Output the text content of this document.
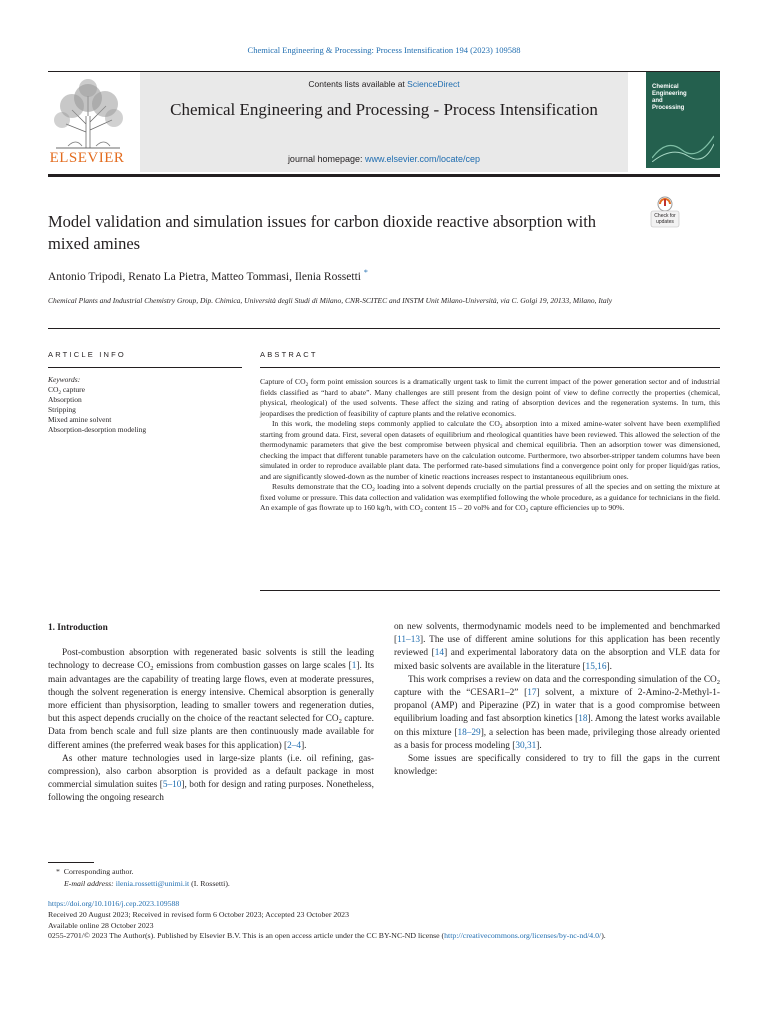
Chemical Engineering & Processing: Process Intensification 194 (2023) 109588
ELSEVIER
Contents lists available at ScienceDirect
Chemical Engineering and Processing - Process Intensification
journal homepage: www.elsevier.com/locate/cep
Chemical
Engineering
and
Processing
Check for updates
Model validation and simulation issues for carbon dioxide reactive absorption with mixed amines
Antonio Tripodi, Renato La Pietra, Matteo Tommasi, Ilenia Rossetti *
Chemical Plants and Industrial Chemistry Group, Dip. Chimica, Università degli Studi di Milano, CNR-SCITEC and INSTM Unit Milano-Università, via C. Golgi 19, 20133, Milano, Italy
ARTICLE INFO
Keywords:
$CO_2$ capture
Absorption
Stripping
Mixed amine solvent
Absorption-desorption modeling
ABSTRACT

Capture of $CO_2$ form point emission sources is a dramatically urgent task to limit the current impact of the power generation sector and of industrial fields classified as “hard to abate”. Many challenges are still present from the design point of view to define correctly the properties (chemical, physical, rheological) of the used solvents. These affect the sizing and rating of absorption devices and the regeneration systems. In turn, this jeopardises the prediction of feasibility of capture plants and the relative economics.

In this work, the modeling steps commonly applied to calculate the $CO_2$ absorption into a mixed amine-water solvent have been exemplified starting from ground data. First, several open datasets of equilibrium and rheological quantities have been reviewed. This allowed the selection of the thermodynamic parameters that give the best compromise between physical and chemical equilibria. Then an adsorption tower was dimensioned, checking the impact that different tunable parameters have on the calculation outcome. Furthermore, two absorber-stripper tandem columns have been simulated in order to reproduce available plant data. The performed rate-based simulations find a convergence point only for proper liquid/gas ratios, and are significantly slowed-down as the number of kinetic reactions increases respect to instantaneous equilibrium ones.

Results demonstrate that the $CO_2$ loading into a solvent depends crucially on the partial pressures of all the species and on setting the mixture at fixed volume or pressure. This data collection and validation was exemplified following the whole procedure, as a guidance for technicians in the field. An example of gas flowrate up to 160 kg/h, with $CO_2$ content 15 – 20 vol% and for $CO_2$ capture efficiencies up to 90%.

1. Introduction

Post-combustion absorption with regenerated basic solvents is still the leading technology to decrease $CO_2$ emissions from combustion gasses on large scales [1]. Its main advantages are the capability of treating large flows, even at moderate pressures, though the solvent regeneration is energy intensive. Chemical absorption is generally more efficient than physisorption, leading to smaller towers and regeneration duties, but this aspect depends crucially on the choice of the reactant selected for $CO_2$ capture. Data from bench scale and full size plants are then continuously made available for different amines (the preferred weak bases for this application) [2–4].

As other mature technologies used in large-size plants (i.e. oil refining, gas-compression), also carbon absorption is provided as a default package in most commercial simulation suites [5–10], both for design and rating purposes. Nonetheless, following the ongoing research

on new solvents, thermodynamic models need to be implemented and benchmarked [11–13]. The use of different amine solutions for this application has been recently reviewed [14] and experimental laboratory data on the absorption and VLE data for mixed basic solvents are available in the literature [15,16].

This work comprises a review on data and the corresponding simulation of the $CO_2$ capture with the “CESAR1–2” [17] solvent, a mixture of 2-Amino-2-Methyl-1-propanol (AMP) and Piperazine (PZ) in water that is a good compromise between equilibrium loading and fast absorption kinetics [18]. Among the latest works available on this mixture [18–29], a selection has been made, privileging those already oriented as a basis for process modeling [30,31].

Some issues are specifically considered to try to fill the gaps in the current knowledge:

*  Corresponding author.
E-mail address: ilenia.rossetti@unimi.it (I. Rossetti).
https://doi.org/10.1016/j.cep.2023.109588
Received 20 August 2023; Received in revised form 6 October 2023; Accepted 23 October 2023
Available online 28 October 2023
0255-2701/© 2023 The Author(s). Published by Elsevier B.V. This is an open access article under the CC BY-NC-ND license (http://creativecommons.org/licenses/by-nc-nd/4.0/).
